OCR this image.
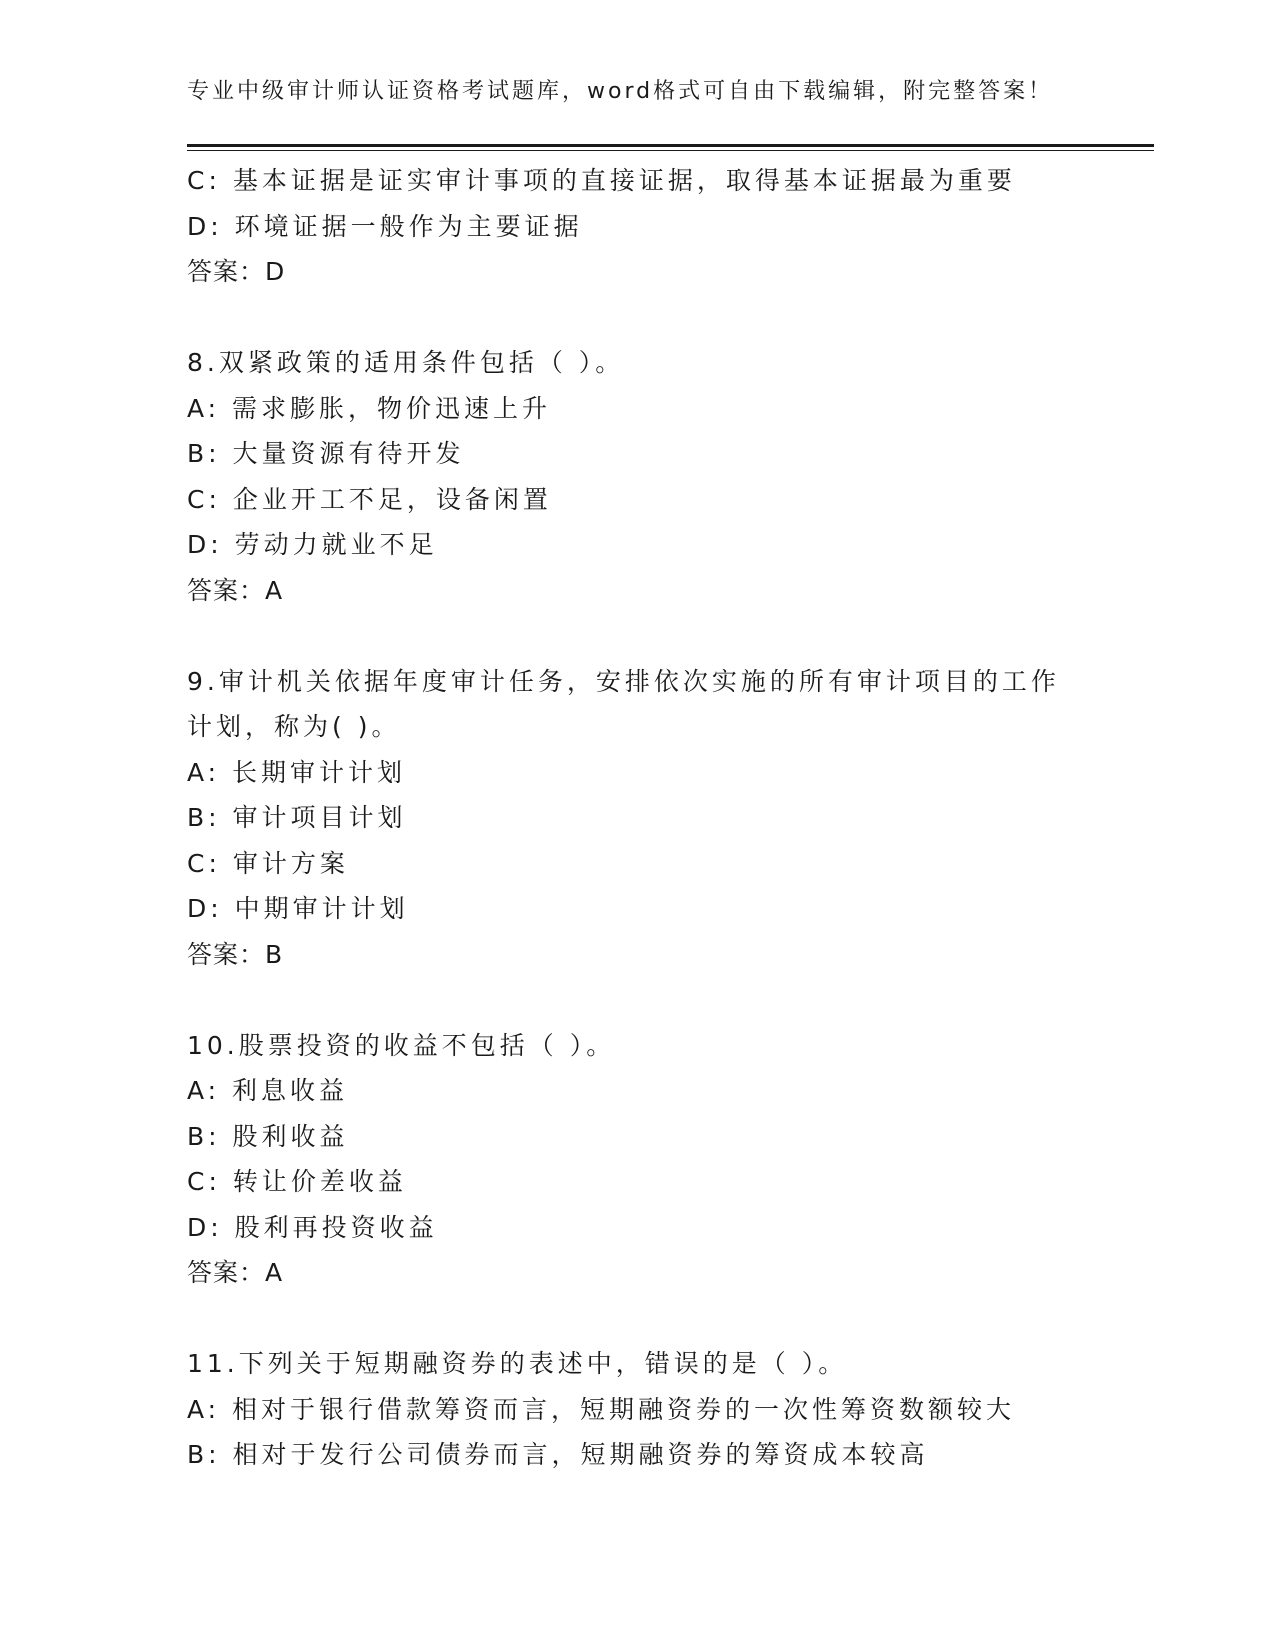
专业中级审计师认证资格考试题库，word格式可自由下载编辑，附完整答案！
C: 基本证据是证实审计事项的直接证据，取得基本证据最为重要
D: 环境证据一般作为主要证据
答案：D
8.双紧政策的适用条件包括（ ）。
A: 需求膨胀，物价迅速上升
B: 大量资源有待开发
C: 企业开工不足，设备闲置
D: 劳动力就业不足
答案：A
9.审计机关依据年度审计任务，安排依次实施的所有审计项目的工作
计划，称为( )。
A: 长期审计计划
B: 审计项目计划
C: 审计方案
D: 中期审计计划
答案：B
10.股票投资的收益不包括（ ）。
A: 利息收益
B: 股利收益
C: 转让价差收益
D: 股利再投资收益
答案：A
11.下列关于短期融资券的表述中，错误的是（ ）。
A: 相对于银行借款筹资而言，短期融资券的一次性筹资数额较大
B: 相对于发行公司债券而言，短期融资券的筹资成本较高
